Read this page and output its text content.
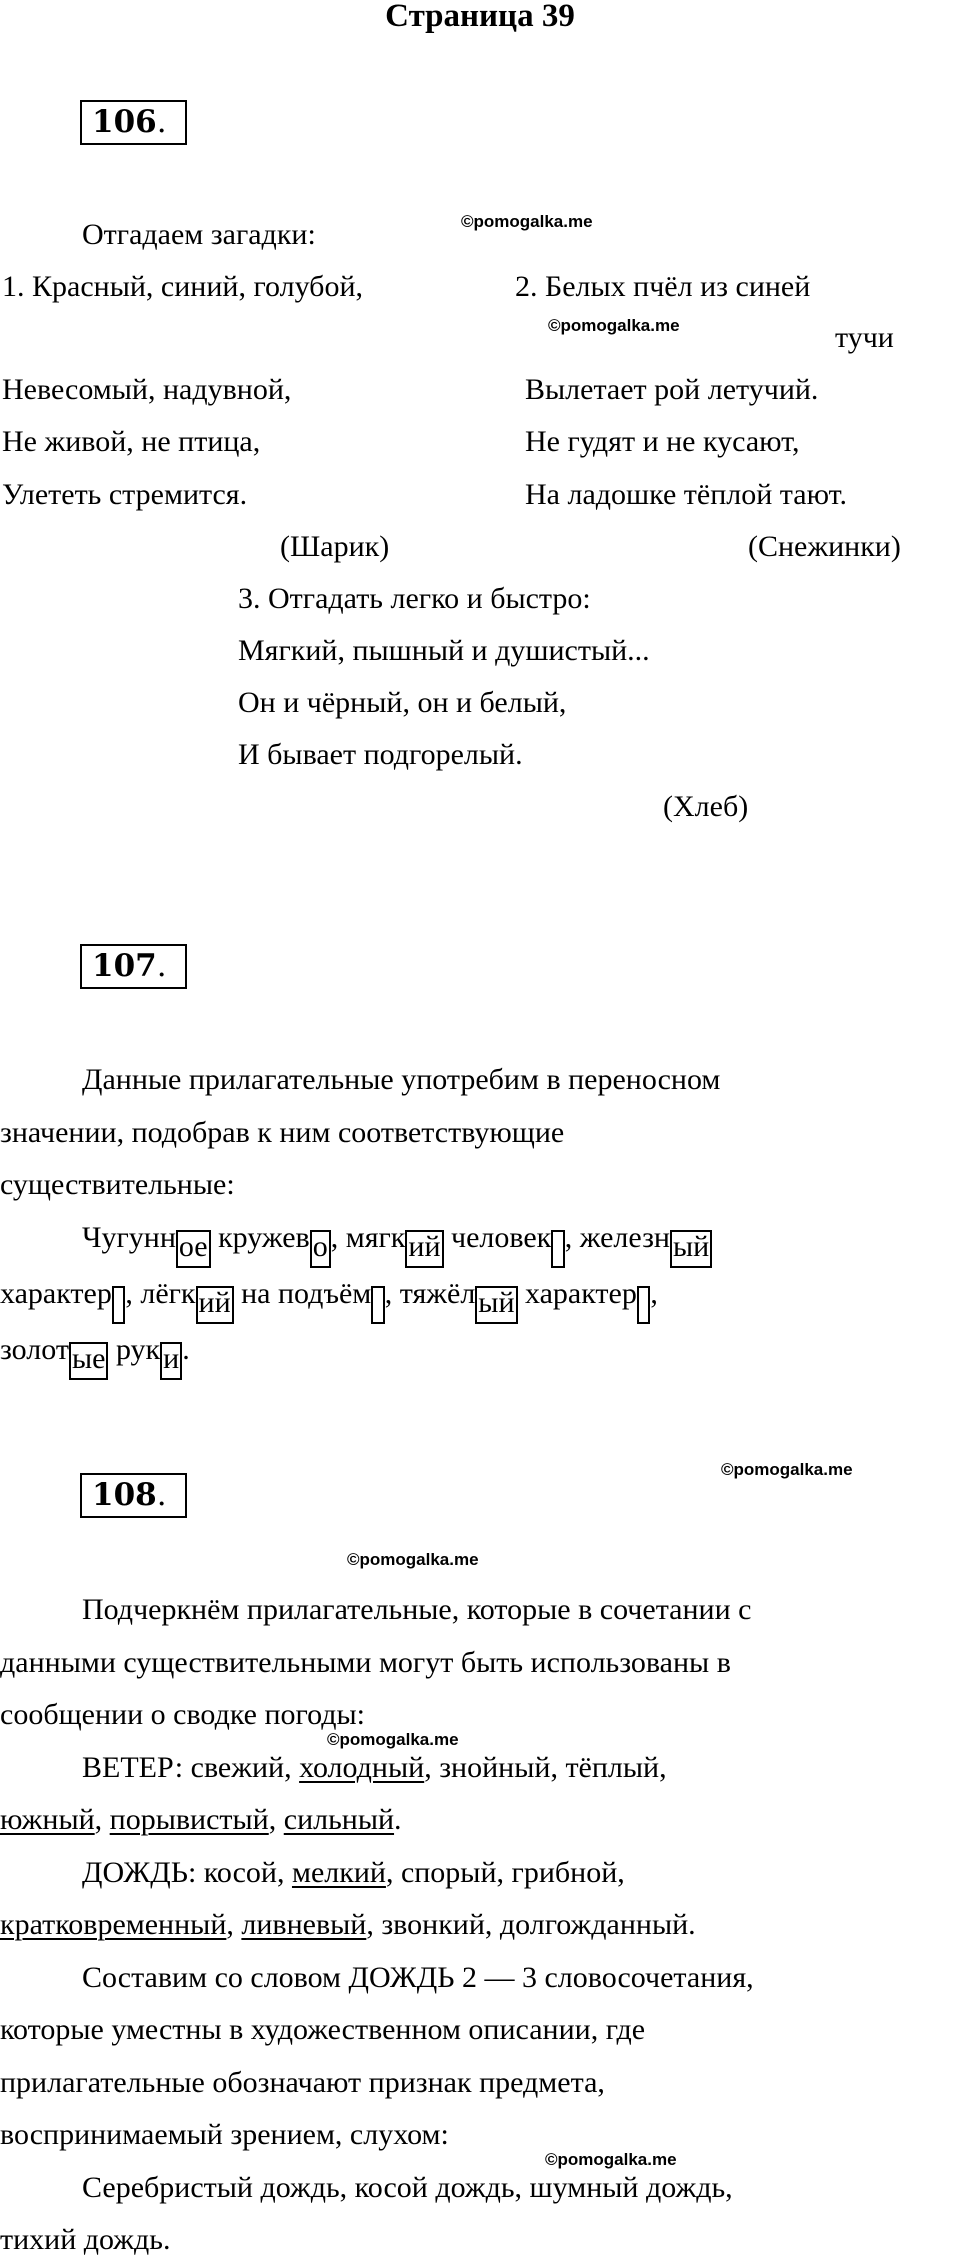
Страница 39
106.
Отгадаем загадки:	©pomogalka.me
1. Красный, синий, голубой,
Невесомый, надувной,
Не живой, не птица,
Улететь стремится.
(Шарик)
2. Белых пчёл из синей
©pomogalka.me	тучи
Вылетает рой летучий.
Не гудят и не кусают,
На ладошке тёплой тают.
(Снежинки)
3. Отгадать легко и быстро:
Мягкий, пышный и душистый...
Он и чёрный, он и белый,
И бывает подгорелый.
(Хлеб)
107.
Данные прилагательные употребим в переносном
значении, подобрав к ним соответствующие
существительные:
Чугунн ое кружев о , мягк ий человек , железн ый
характер , лёгк ий на подъём , тяжёл ый характер ,
золот ые рук и .
108.
©pomogalka.me
©pomogalka.me
Подчеркнём прилагательные, которые в сочетании с
данными существительными могут быть использованы в
сообщении о сводке погоды:
ВЕТЕР: свежий, холодный, знойный, тёплый,
южный, порывистый, сильный.
ДОЖДЬ: косой, мелкий, спорый, грибной,
кратковременный, ливневый, звонкий, долгожданный.
Составим со словом ДОЖДЬ 2 — 3 словосочетания,
которые уместны в художественном описании, где
прилагательные обозначают признак предмета,
воспринимаемый зрением, слухом:
Серебристый дождь, косой дождь, шумный дождь,
тихий дождь.
©pomogalka.me
©pomogalka.me
